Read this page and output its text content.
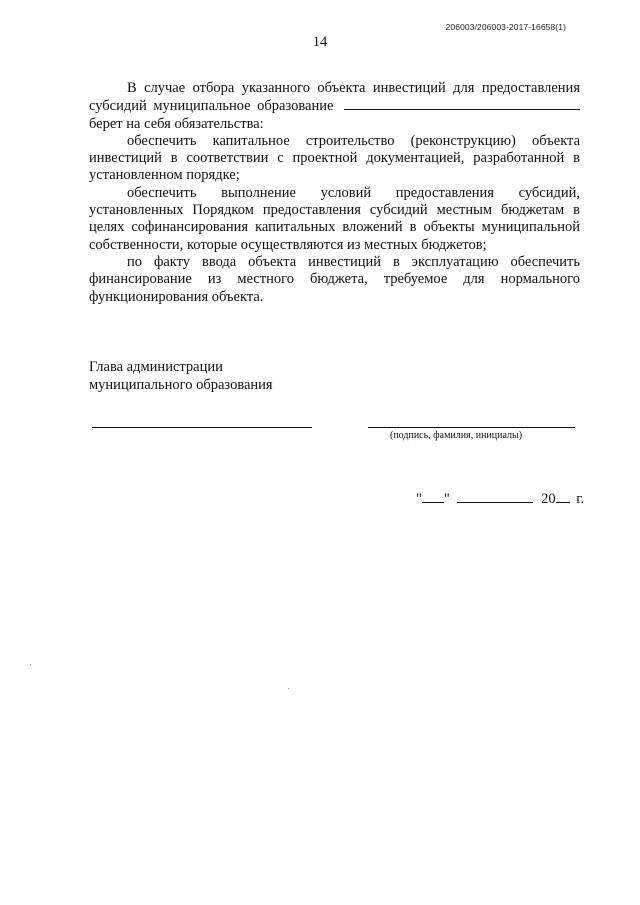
206003/206003-2017-16658(1)
14

В случае отбора указанного объекта инвестиций для предоставления субсидий муниципальное образование  берет на себя обязательства:

обеспечить капитальное строительство (реконструкцию) объекта инвестиций в соответствии с проектной документацией, разработанной в установленном порядке;

обеспечить выполнение условий предоставления субсидий, установленных Порядком предоставления субсидий местным бюджетам в целях софинансирования капитальных вложений в объекты муниципальной собственности, которые осуществляются из местных бюджетов;

по факту ввода объекта инвестиций в эксплуатацию обеспечить финансирование из местного бюджета, требуемое для нормального функционирования объекта.

Глава администрации
муниципального образования
(подпись, фамилия, инициалы)
" "	20 г.
